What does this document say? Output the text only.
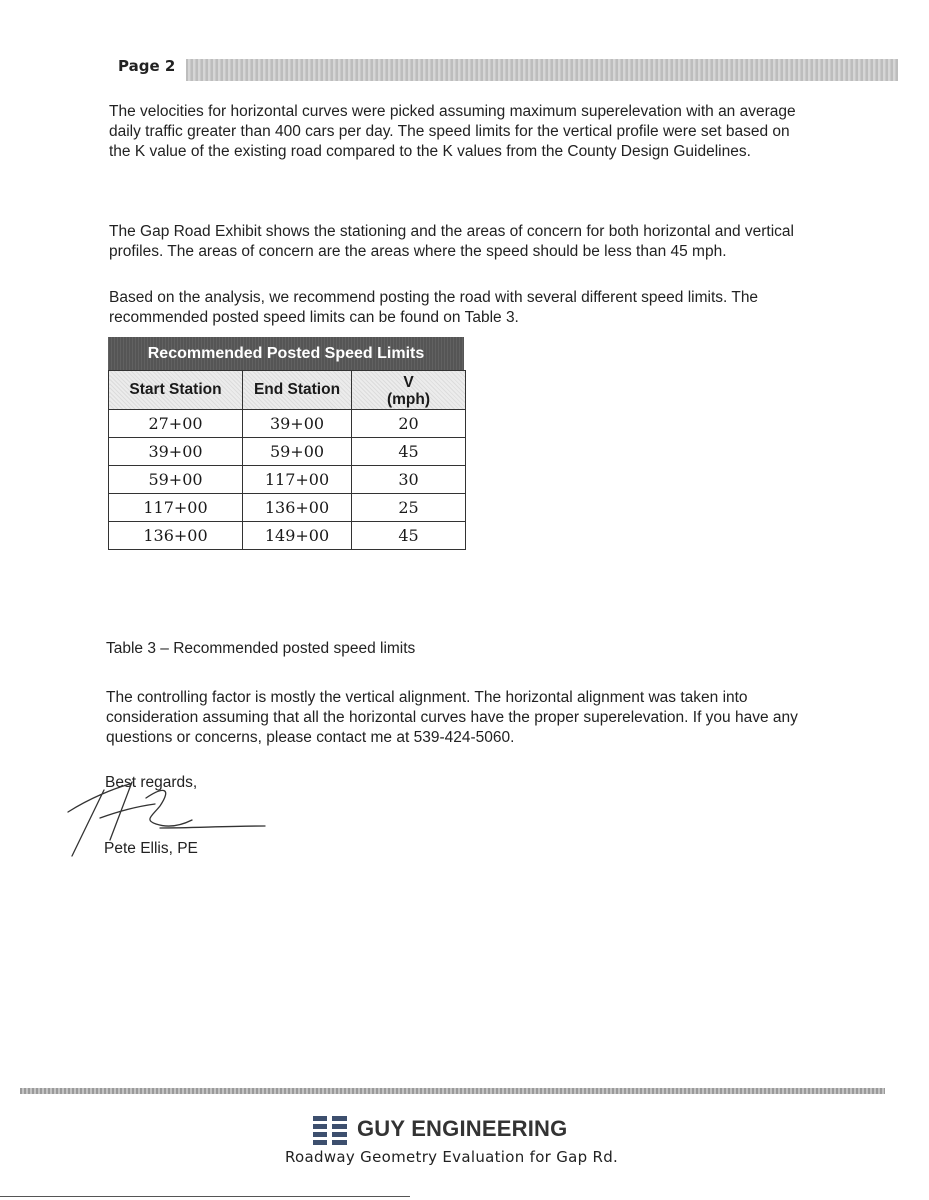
Page 2

The velocities for horizontal curves were picked assuming maximum superelevation with an average daily traffic greater than 400 cars per day. The speed limits for the vertical profile were set based on the K value of the existing road compared to the K values from the County Design Guidelines.

The Gap Road Exhibit shows the stationing and the areas of concern for both horizontal and vertical profiles. The areas of concern are the areas where the speed should be less than 45 mph.

Based on the analysis, we recommend posting the road with several different speed limits. The recommended posted speed limits can be found on Table 3.

Recommended Posted Speed Limits
Start Station	End Station	V
(mph)

27+00	39+00	20
39+00	59+00	45
59+00	117+00	30
117+00	136+00	25
136+00	149+00	45

Table 3 – Recommended posted speed limits

The controlling factor is mostly the vertical alignment. The horizontal alignment was taken into consideration assuming that all the horizontal curves have the proper superelevation. If you have any questions or concerns, please contact me at 539-424-5060.

Best regards,
Pete Ellis, PE
GUY ENGINEERING
Roadway Geometry Evaluation for Gap Rd.
